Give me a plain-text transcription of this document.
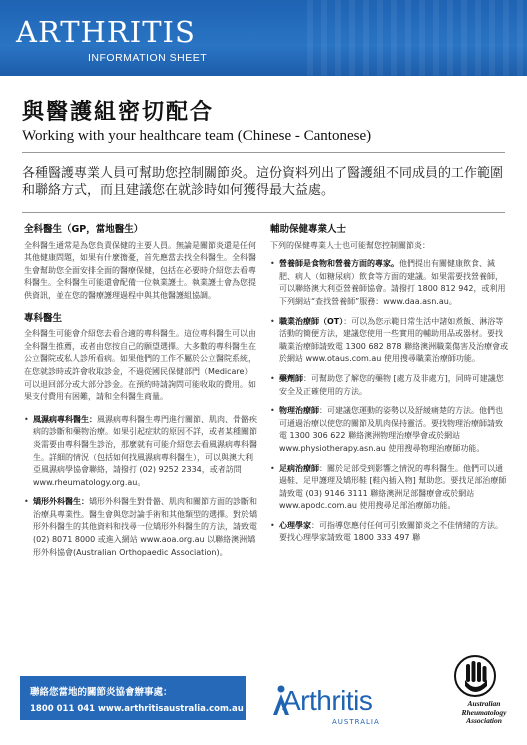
ARTHRITIS
INFORMATION SHEET
與醫護組密切配合
Working with your healthcare team (Chinese - Cantonese)
各種醫護專業人員可幫助您控制關節炎。這份資料列出了醫護組不同成員的工作範圍和聯絡方式，而且建議您在就診時如何獲得最大益處。
全科醫生（GP，當地醫生）
全科醫生通常是為您負責保健的主要人員。無論是關節炎還是任何其他健康問題，如果有什麼擔憂，首先應當去找全科醫生。全科醫生會幫助您全面安排全面的醫療保健，包括在必要時介紹您去看專科醫生。全科醫生可能還會配備一位執業護士。執業護士會為您提供資訊，並在您的醫療護理過程中與其他醫護組協調。
專科醫生
全科醫生可能會介紹您去看合適的專科醫生。這位專科醫生可以由全科醫生推薦，或者由您按自己的願望選擇。大多數的專科醫生在公立醫院或私人診所看病。如果他們的工作不屬於公立醫院系統，在您就診時或許會收取診金，不過從國民保健部門（Medicare）可以退回部分或大部分診金。在預約時請詢問可能收取的費用。如果支付費用有困難，請和全科醫生商量。
• 風濕病專科醫生：風濕病專科醫生專門進行關節、肌肉、骨骼疾病的診斷和藥物治療。如果引起症狀的原因不詳，或者某種關節炎需要由專科醫生診治，那麼就有可能介紹您去看風濕病專科醫生。詳細的情況（包括如何找風濕病專科醫生），可以與澳大利亞風濕病學協會聯絡，請撥打 (02) 9252 2334，或者訪問 www.rheumatology.org.au。
• 矯形外科醫生：矯形外科醫生對骨骼、肌肉和關節方面的診斷和治療具專業性。醫生會與您討論手術和其他類型的選擇。對於矯形外科醫生的其他資料和找尋一位矯形外科醫生的方法，請致電 (02) 8071 8000 或進入網站 www.aoa.org.au 以聯絡澳洲矯形外科協會(Australian Orthopaedic Association)。
輔助保健專業人士
下列的保健專業人士也可能幫您控制關節炎：
• 營養師是食物和營養方面的專家。他們提出有關健康飲食、減肥、病人（如糖尿病）飲食等方面的建議。如果需要找營養師，可以聯絡澳大利亞營養師協會。請撥打 1800 812 942，或利用下列網站“查找營養師”服務：www.daa.asn.au。
• 職業治療師（OT）：可以為您示範日常生活中諸如煮飯、淋浴等活動的簡便方法，建議您使用一些實用的輔助用品或器材。要找職業治療師請致電 1300 682 878 聯絡澳洲職業傷害及治療會或於網站 www.otaus.com.au 使用搜尋職業治療師功能。
• 藥劑師：可幫助您了解您的藥物 [處方及非處方]，同時可建議您安全及正確使用的方法。
• 物理治療師：可建議您運動的姿勢以及舒緩痛楚的方法。他們也可通過治療以使您的關節及肌肉保持靈活。要找物理治療師請致電 1300 306 622 聯絡澳洲物理治療學會或於網站 www.physiotherapy.asn.au 使用搜尋物理治療師功能。
• 足病治療師：關於足部受到影響之情況的專科醫生。他們可以通過鞋、足甲護理及矯形鞋 [鞋內插入物] 幫助您。要找足部治療師請致電 (03) 9146 3111 聯絡澳洲足部醫療會或於網站 www.apodc.com.au 使用搜尋足部治療師功能。
• 心理學家：可指導您應付任何可引致關節炎之不佳情緒的方法。要找心理學家請致電 1800 333 497 聯
聯絡您當地的關節炎協會辦事處：
1800 011 041 www.arthritisaustralia.com.au Arthritis
AUSTRALIA
Australian Rheumatology Association
